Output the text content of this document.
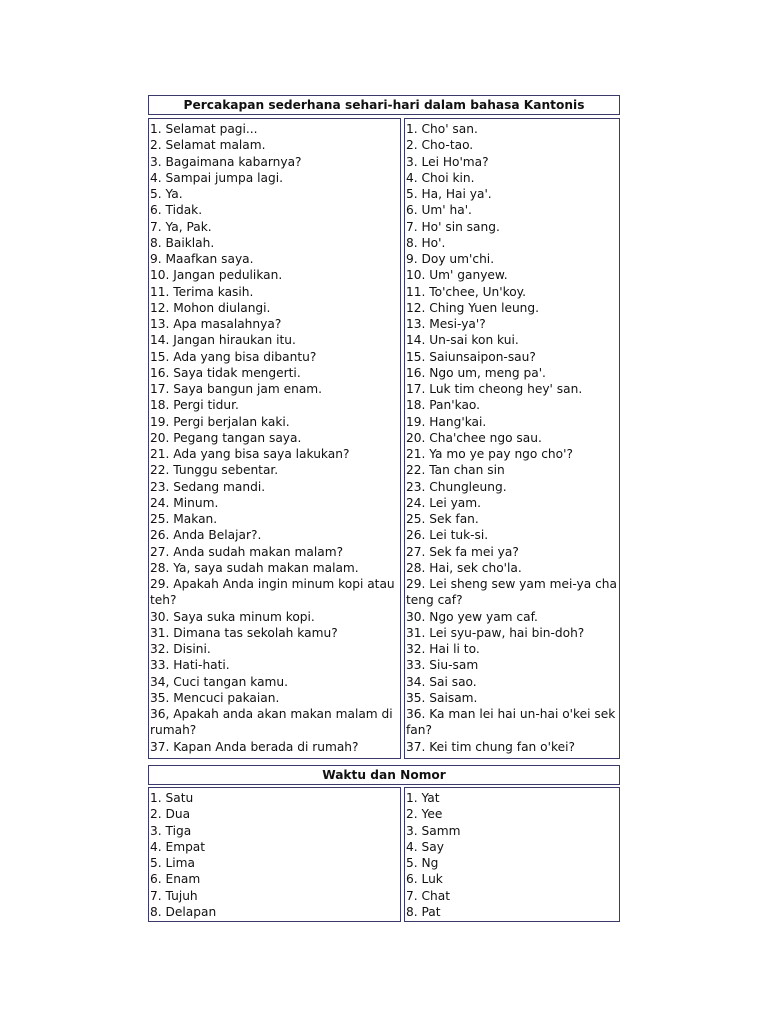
Percakapan sederhana sehari-hari dalam bahasa Kantonis
1. Selamat pagi...
2. Selamat malam.
3. Bagaimana kabarnya?
4. Sampai jumpa lagi.
5. Ya.
6. Tidak.
7. Ya, Pak.
8. Baiklah.
9. Maafkan saya.
10. Jangan pedulikan.
11. Terima kasih.
12. Mohon diulangi.
13. Apa masalahnya?
14. Jangan hiraukan itu.
15. Ada yang bisa dibantu?
16. Saya tidak mengerti.
17. Saya bangun jam enam.
18. Pergi tidur.
19. Pergi berjalan kaki.
20. Pegang tangan saya.
21. Ada yang bisa saya lakukan?
22. Tunggu sebentar.
23. Sedang mandi.
24. Minum.
25. Makan.
26. Anda Belajar?.
27. Anda sudah makan malam?
28. Ya, saya sudah makan malam.
29. Apakah Anda ingin minum kopi atau teh?
30. Saya suka minum kopi.
31. Dimana tas sekolah kamu?
32. Disini.
33. Hati-hati.
34, Cuci tangan kamu.
35. Mencuci pakaian.
36, Apakah anda akan makan malam di rumah?
37. Kapan Anda berada di rumah?
1. Cho' san.
2. Cho-tao.
3. Lei Ho'ma?
4. Choi kin.
5. Ha, Hai ya'.
6. Um' ha'.
7. Ho' sin sang.
8. Ho'.
9. Doy um'chi.
10. Um' ganyew.
11. To'chee, Un'koy.
12. Ching Yuen leung.
13. Mesi-ya'?
14. Un-sai kon kui.
15. Saiunsaipon-sau?
16. Ngo um, meng pa'.
17. Luk tim cheong hey' san.
18. Pan'kao.
19. Hang'kai.
20. Cha'chee ngo sau.
21. Ya mo ye pay ngo cho'?
22. Tan chan sin
23. Chungleung.
24. Lei yam.
25. Sek fan.
26. Lei tuk-si.
27. Sek fa mei ya?
28. Hai, sek cho'la.
29. Lei sheng sew yam mei-ya cha teng caf?
30. Ngo yew yam caf.
31. Lei syu-paw, hai bin-doh?
32. Hai li to.
33. Siu-sam
34. Sai sao.
35. Saisam.
36. Ka man lei hai un-hai o'kei sek fan?
37. Kei tim chung fan o'kei?
Waktu dan Nomor
1. Satu
2. Dua
3. Tiga
4. Empat
5. Lima
6. Enam
7. Tujuh
8. Delapan
1. Yat
2. Yee
3. Samm
4. Say
5. Ng
6. Luk
7. Chat
8. Pat
